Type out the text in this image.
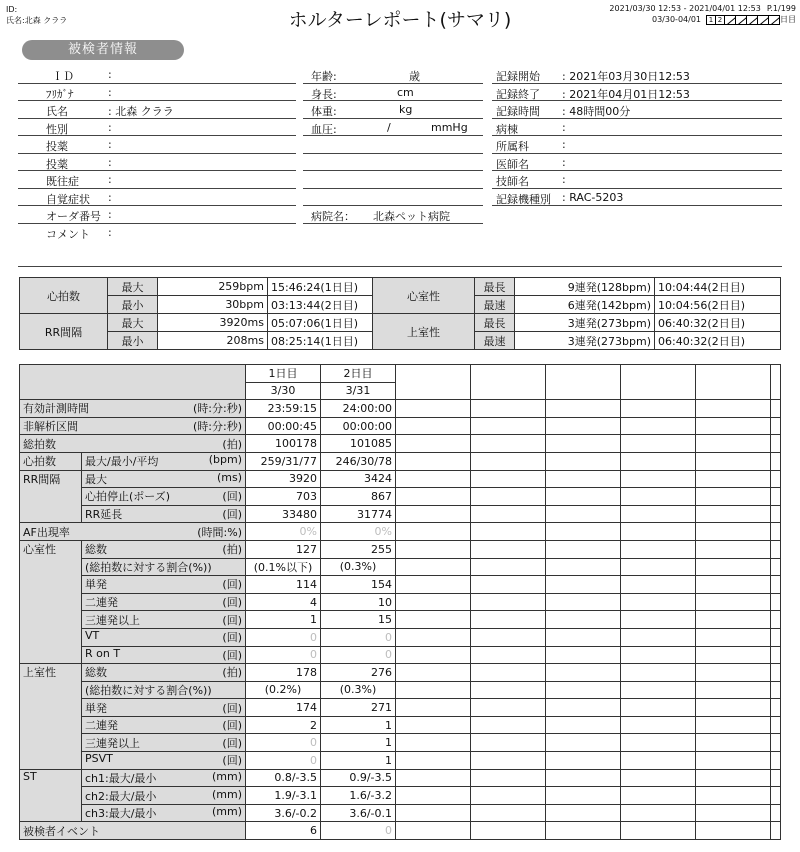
ID:
氏名:北森 クララ	ホルターレポート(サマリ)
2021/03/30 12:53 - 2021/04/01 12:53 P.1/199
03/30-04/01	1 2	日目
被検者情報
ＩＤ	:
ﾌﾘｶﾞﾅ	:
氏名	: 北森 クララ
性別	:
投薬	:
投薬	:
既往症	:
自覚症状 :
オーダ番号 :
コメント :
年齢:	歳
身長:	cm
体重:	kg
血圧:	/	mmHg
病院名： 北森ペット病院
記録開始 : 2021年03月30日12:53
記録終了 : 2021年04月01日12:53
記録時間 : 48時間00分
病棟	:
所属科	:
医師名	:
技師名	:
記録機種別 : RAC-5203
心拍数	最大	259bpm	15:46:24(1日目)
	最小	30bpm	03:13:44(2日目)
RR間隔	最大	3920ms	05:07:06(1日目)
	最小	208ms	08:25:14(1日目)
心室性	最長	9連発(128bpm)	10:04:44(2日目)
	最速	6連発(142bpm)	10:04:56(2日目)
上室性	最長	3連発(273bpm)	06:40:32(2日目)
	最速	3連発(273bpm)	06:40:32(2日目)
		1日目	2日目						
		3/30	3/31						

有効計測時間 (時:分:秒)		23:59:15	24:00:00						

非解析区間 (時:分:秒)		00:00:45	00:00:00						

総拍数 (拍)		100178	101085						
心拍数	最大/最小/平均 (bpm)	259/31/77	246/30/78						
RR間隔	最大 (ms)	3920	3424						

	心拍停止(ポーズ) (回)	703	867						

	RR延長 (回)	33480	31774						

AF出現率 (時間:%)		0%	0%						
心室性	総数 (拍)	127	255						

	(総拍数に対する割合(%))	(0.1%以下)	(0.3%)						

	単発 (回)	114	154						

	二連発 (回)	4	10						

	三連発以上 (回)	1	15						

	VT (回)	0	0						

	R on T (回)	0	0						
上室性	総数 (拍)	178	276						

	(総拍数に対する割合(%))	(0.2%)	(0.3%)						

	単発 (回)	174	271						

	二連発 (回)	2	1						

	三連発以上 (回)	0	1						

	PSVT (回)	0	1						
ST	ch1:最大/最小 (mm)	0.8/-3.5	0.9/-3.5						

	ch2:最大/最小 (mm)	1.9/-3.1	1.6/-3.2						

	ch3:最大/最小 (mm)	3.6/-0.2	3.6/-0.1						

被検者イベント		6	0						
